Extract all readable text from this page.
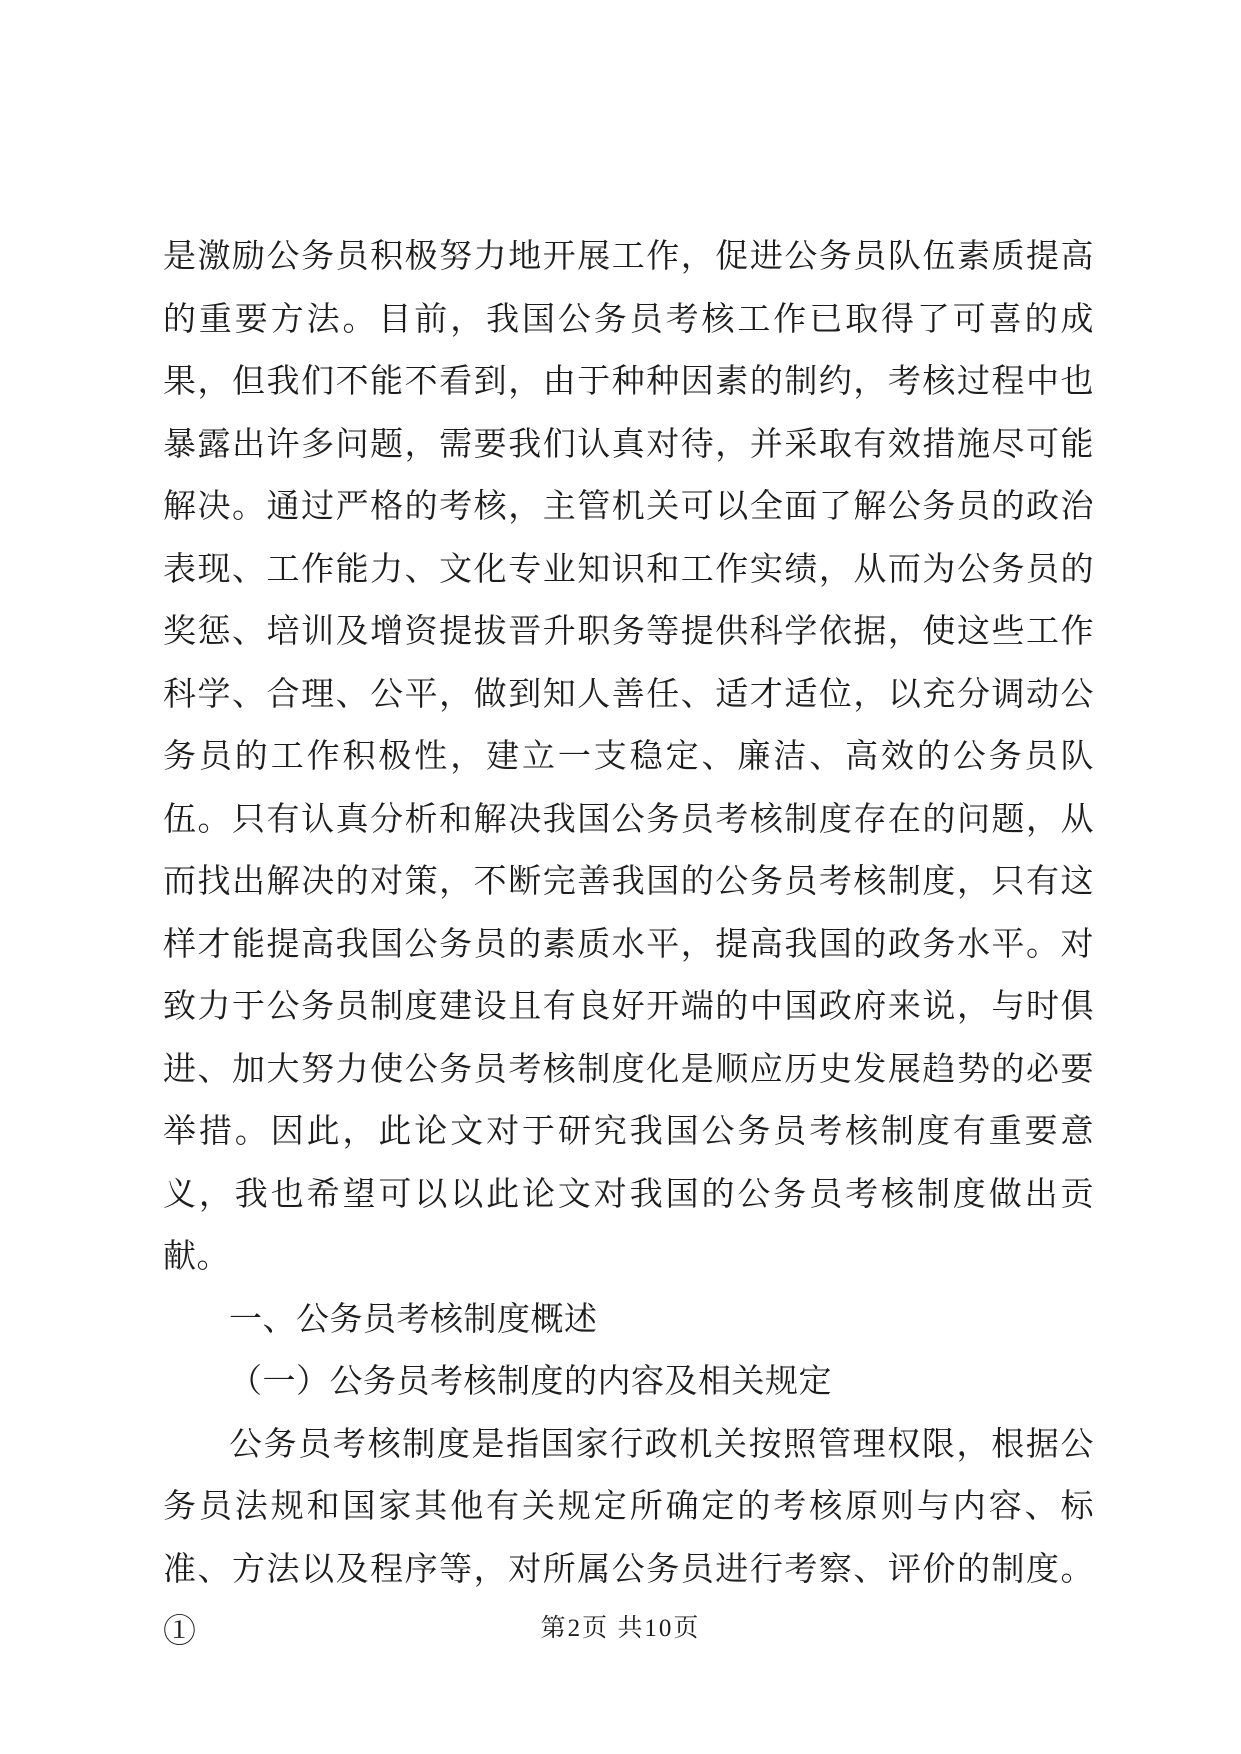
是激励公务员积极努力地开展工作，促进公务员队伍素质提高的重要方法。目前，我国公务员考核工作已取得了可喜的成果，但我们不能不看到，由于种种因素的制约，考核过程中也暴露出许多问题，需要我们认真对待，并采取有效措施尽可能解决。通过严格的考核，主管机关可以全面了解公务员的政治表现、工作能力、文化专业知识和工作实绩，从而为公务员的奖惩、培训及增资提拔晋升职务等提供科学依据，使这些工作科学、合理、公平，做到知人善任、适才适位，以充分调动公务员的工作积极性，建立一支稳定、廉洁、高效的公务员队伍。只有认真分析和解决我国公务员考核制度存在的问题，从而找出解决的对策，不断完善我国的公务员考核制度，只有这样才能提高我国公务员的素质水平，提高我国的政务水平。对致力于公务员制度建设且有良好开端的中国政府来说，与时俱进、加大努力使公务员考核制度化是顺应历史发展趋势的必要举措。因此，此论文对于研究我国公务员考核制度有重要意义，我也希望可以以此论文对我国的公务员考核制度做出贡献。

一、公务员考核制度概述

（一）公务员考核制度的内容及相关规定

公务员考核制度是指国家行政机关按照管理权限，根据公务员法规和国家其他有关规定所确定的考核原则与内容、标准、方法以及程序等，对所属公务员进行考察、评价的制度。①	第2页 共10页
